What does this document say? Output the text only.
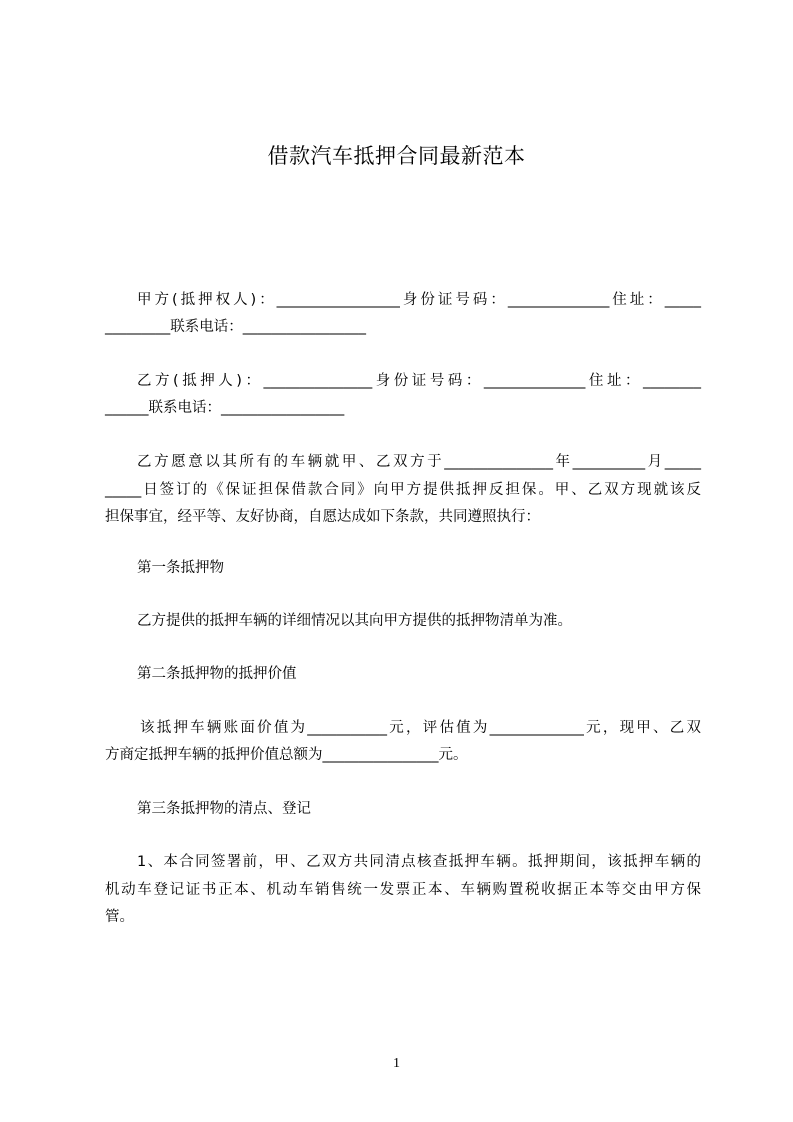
借款汽车抵押合同最新范本
甲方(抵押权人)：_________________身份证号码：______________住址：_____
_________联系电话：_________________
乙方(抵押人)：_______________身份证号码：______________住址：________
______联系电话：_________________
乙方愿意以其所有的车辆就甲、乙双方于_______________年__________月_____
_____日签订的《保证担保借款合同》向甲方提供抵押反担保。甲、乙双方现就该反
担保事宜，经平等、友好协商，自愿达成如下条款，共同遵照执行：
第一条抵押物
乙方提供的抵押车辆的详细情况以其向甲方提供的抵押物清单为准。
第二条抵押物的抵押价值
该抵押车辆账面价值为___________元，评估值为_____________元，现甲、乙双
方商定抵押车辆的抵押价值总额为________________元。
第三条抵押物的清点、登记
1、本合同签署前，甲、乙双方共同清点核查抵押车辆。抵押期间，该抵押车辆的
机动车登记证书正本、机动车销售统一发票正本、车辆购置税收据正本等交由甲方保
管。
1
